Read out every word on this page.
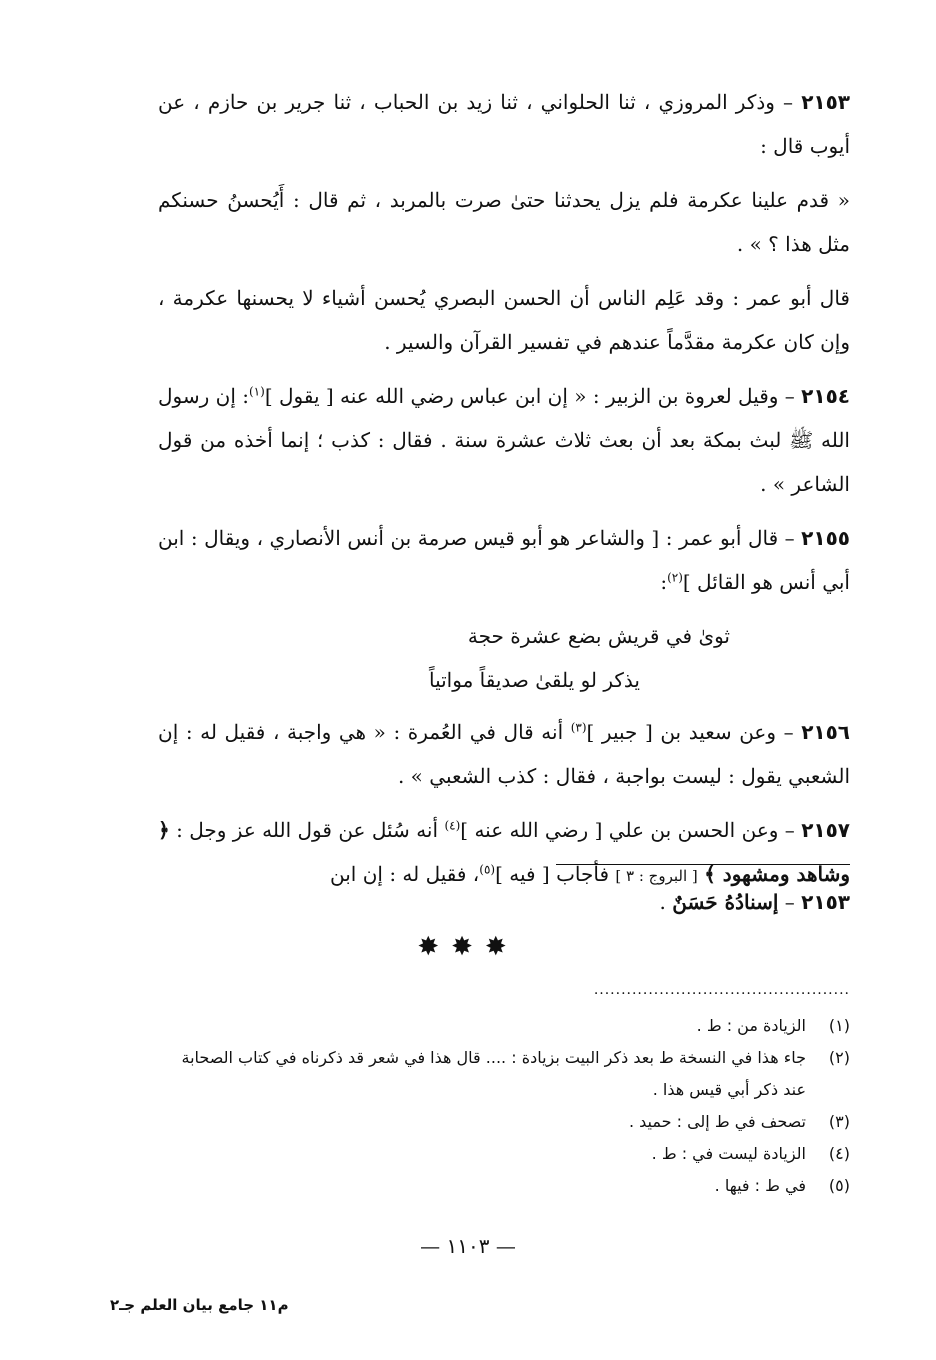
٢١٥٣ – وذكر المروزي ، ثنا الحلواني ، ثنا زيد بن الحباب ، ثنا جرير بن حازم ، عن أيوب قال :

« قدم علينا عكرمة فلم يزل يحدثنا حتىٰ صرت بالمربد ، ثم قال : أَيُحسنُ حسنكم مثل هذا ؟ » .

قال أبو عمر : وقد عَلِم الناس أن الحسن البصري يُحسن أشياء لا يحسنها عكرمة ، وإن كان عكرمة مقدَّماً عندهم في تفسير القرآن والسير .

٢١٥٤ – وقيل لعروة بن الزبير : « إن ابن عباس رضي الله عنه [ يقول ]$^{(١)}$: إن رسول الله ﷺ لبث بمكة بعد أن بعث ثلاث عشرة سنة . فقال : كذب ؛ إنما أخذه من قول الشاعر » .

٢١٥٥ – قال أبو عمر : [ والشاعر هو أبو قيس صرمة بن أنس الأنصاري ، ويقال : ابن أبي أنس هو القائل ]$^{(٢)}$:

ثوىٰ في قريش بضع عشرة حجة

يذكر لو يلقىٰ صديقاً مواتياً

٢١٥٦ – وعن سعيد بن [ جبير ]$^{(٣)}$ أنه قال في العُمرة : « هي واجبة ، فقيل له : إن الشعبي يقول : ليست بواجبة ، فقال : كذب الشعبي » .

٢١٥٧ – وعن الحسن بن علي [ رضي الله عنه ]$^{(٤)}$ أنه سُئل عن قول الله عز وجل : ﴿ وشاهد ومشهود ﴾ [ البروج : ٣ ] فأجاب [ فيه ]$^{(٥)}$، فقيل له : إن ابن

٢١٥٣ – إسنادُهُ حَسَنٌ .
✸✸✸
...............................................
(١)
الزيادة من : ط .
(٢)
جاء هذا في النسخة ط بعد ذكر البيت بزيادة : .... قال هذا في شعر قد ذكرناه في كتاب الصحابة عند ذكر أبي قيس هذا .
(٣)
تصحف في ط إلى : حميد .
(٤)
الزيادة ليست في : ط .
(٥)
في ط : فيها .
— ١١٠٣ —
م١١ جامع بيان العلم جـ٢
